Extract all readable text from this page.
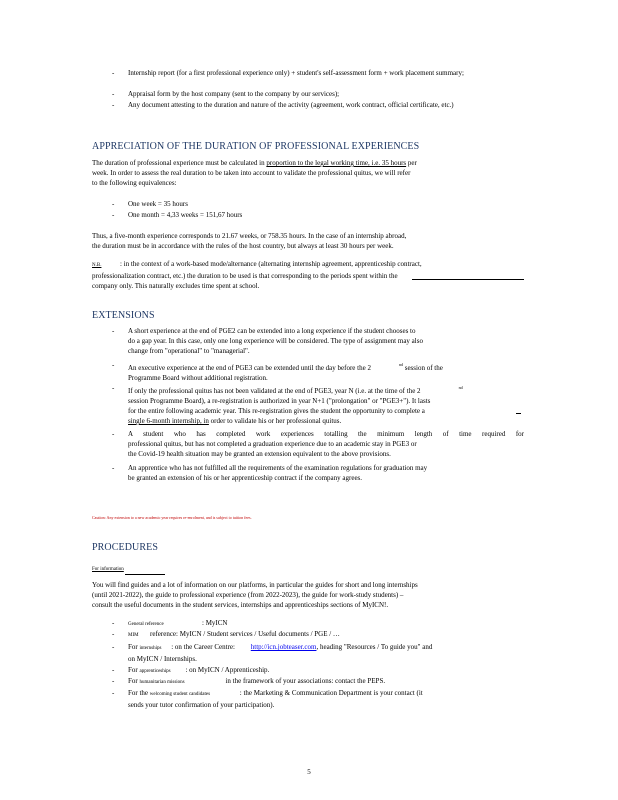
- Internship report (for a first professional experience only) + student's self-assessment form + work placement summary;
- Appraisal form by the host company (sent to the company by our services);
- Any document attesting to the duration and nature of the activity (agreement, work contract, official certificate, etc.)
APPRECIATION OF THE DURATION OF PROFESSIONAL EXPERIENCES
The duration of professional experience must be calculated in proportion to the legal working time, i.e. 35 hours per
week. In order to assess the real duration to be taken into account to validate the professional quitus, we will refer
to the following equivalences:
- One week = 35 hours
- One month = 4,33 weeks = 151,67 hours
Thus, a five-month experience corresponds to 21.67 weeks, or 758.35 hours. In the case of an internship abroad,
the duration must be in accordance with the rules of the host country, but always at least 30 hours per week.
N.B.	: in the context of a work-based mode/alternance (alternating internship agreement, apprenticeship contract,
professionalization contract, etc.) the duration to be used is that corresponding to the periods spent within the
company only. This naturally excludes time spent at school.
EXTENSIONS
- A short experience at the end of PGE2 can be extended into a long experience if the student chooses to
do a gap year. In this case, only one long experience will be considered. The type of assignment may also
change from "operational" to "managerial".
- An executive experience at the end of PGE3 can be extended until the day before the 2	$^{nd}$ session of the
Programme Board without additional registration.
- If only the professional quitus has not been validated at the end of PGE3, year N (i.e. at the time of the 2	$^{nd}$
session Programme Board), a re-registration is authorized in year N+1 ("prolongation" or "PGE3+"). It lasts
for the entire following academic year. This re-registration gives the student the opportunity to complete a
single 6-month internship, in order to validate his or her professional quitus.
- A student who has completed work experiences totalling the minimum length of time required for
professional quitus, but has not completed a graduation experience due to an academic stay in PGE3 or
the Covid-19 health situation may be granted an extension equivalent to the above provisions.
- An apprentice who has not fulfilled all the requirements of the examination regulations for graduation may
be granted an extension of his or her apprenticeship contract if the company agrees.
Caution: Any extension to a new academic year requires re-enrolment, and is subject to tuition fees.
PROCEDURES
For information
You will find guides and a lot of information on our platforms, in particular the guides for short and long internships
(until 2021-2022), the guide to professional experience (from 2022-2023), the guide for work-study students) –
consult the useful documents in the student services, internships and apprenticeships sections of MyICN!.
-	General reference	: MyICN
-	MIM reference: MyICN / Student services / Useful documents / PGE / …
- For internships : on the Career Centre: http://icn.jobteaser.com, heading "Resources / To guide you" and
on MyICN / Internships.
- For apprenticeships : on MyICN / Apprenticeship.
- For humanitarian missions	in the framework of your associations: contact the PEPS.
- For the welcoming student candidates	: the Marketing & Communication Department is your contact (it
sends your tutor confirmation of your participation).
5
